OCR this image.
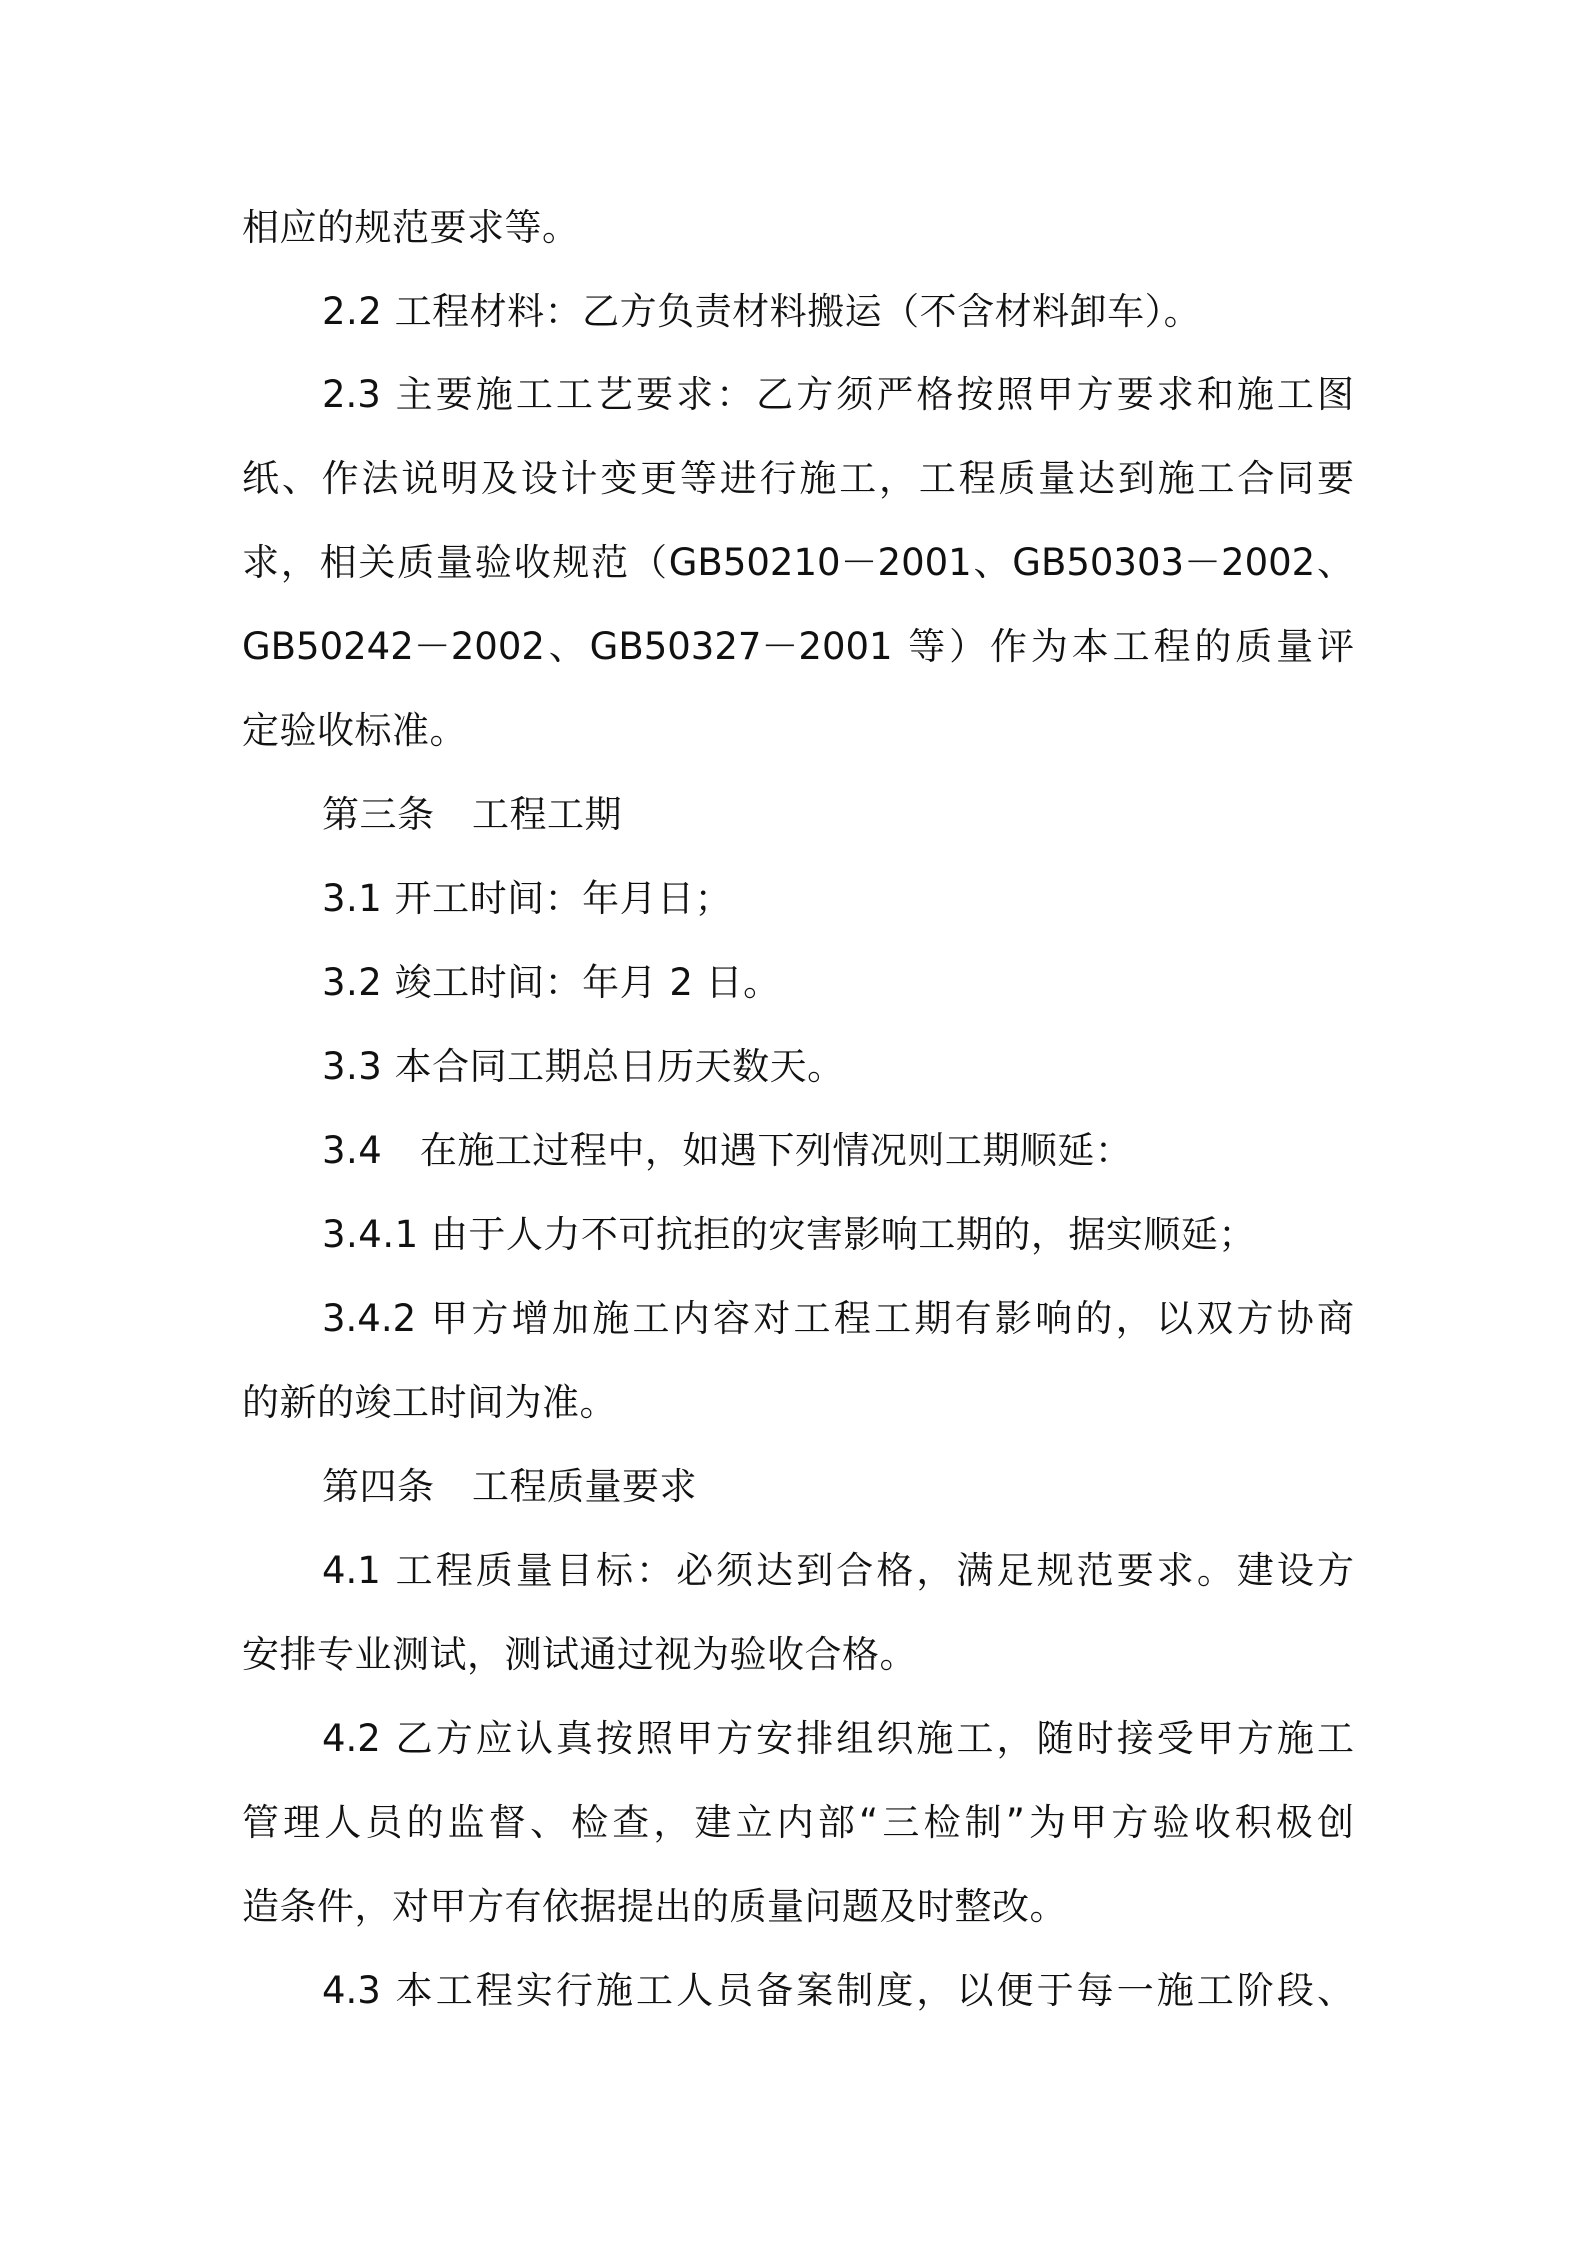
相应的规范要求等。
2.2 工程材料：乙方负责材料搬运（不含材料卸车）。
2.3 主要施工工艺要求：乙方须严格按照甲方要求和施工图
纸、作法说明及设计变更等进行施工，工程质量达到施工合同要
求，相关质量验收规范（GB50210－2001、GB50303－2002、
GB50242－2002、GB50327－2001 等）作为本工程的质量评
定验收标准。
第三条　工程工期
3.1 开工时间：年月日；
3.2 竣工时间：年月 2 日。
3.3 本合同工期总日历天数天。
3.4　在施工过程中，如遇下列情况则工期顺延：
3.4.1 由于人力不可抗拒的灾害影响工期的，据实顺延；
3.4.2 甲方增加施工内容对工程工期有影响的，以双方协商
的新的竣工时间为准。
第四条　工程质量要求
4.1 工程质量目标：必须达到合格，满足规范要求。建设方
安排专业测试，测试通过视为验收合格。
4.2 乙方应认真按照甲方安排组织施工，随时接受甲方施工
管理人员的监督、检查，建立内部“三检制”为甲方验收积极创
造条件，对甲方有依据提出的质量问题及时整改。
4.3 本工程实行施工人员备案制度，以便于每一施工阶段、
